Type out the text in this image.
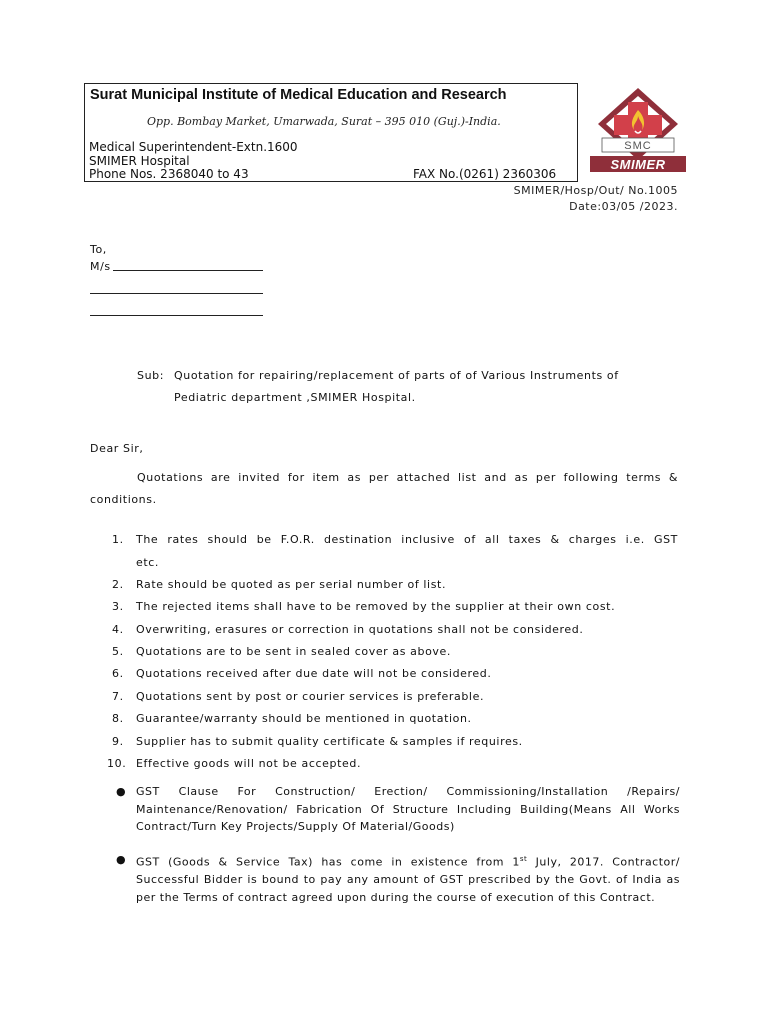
Surat Municipal Institute of Medical Education and Research
Opp. Bombay Market, Umarwada, Surat – 395 010 (Guj.)-India.
Medical Superintendent-Extn.1600
SMIMER Hospital
Phone Nos. 2368040 to 43	FAX No.(0261) 2360306
SMC
SMIMER
SMIMER/Hosp/Out/ No.1005
Date:03/05 /2023.
To,
M/s
Sub: Quotation for repairing/replacement of parts of of Various Instruments of
Pediatric department ,SMIMER Hospital.
Dear Sir,
Quotations are invited for item as per attached list and as per following terms &
conditions.
1. The rates should be F.O.R. destination inclusive of all taxes & charges i.e. GST
etc.
2. Rate should be quoted as per serial number of list.
3. The rejected items shall have to be removed by the supplier at their own cost.
4. Overwriting, erasures or correction in quotations shall not be considered.
5. Quotations are to be sent in sealed cover as above.
6. Quotations received after due date will not be considered.
7. Quotations sent by post or courier services is preferable.
8. Guarantee/warranty should be mentioned in quotation.
9. Supplier has to submit quality certificate & samples if requires.
10. Effective goods will not be accepted.
● GST Clause For Construction/ Erection/ Commissioning/Installation /Repairs/ Maintenance/Renovation/ Fabrication Of Structure Including Building(Means All Works Contract/Turn Key Projects/Supply Of Material/Goods)
● GST (Goods & Service Tax) has come in existence from 1st July, 2017. Contractor/ Successful Bidder is bound to pay any amount of GST prescribed by the Govt. of India as per the Terms of contract agreed upon during the course of execution of this Contract.
